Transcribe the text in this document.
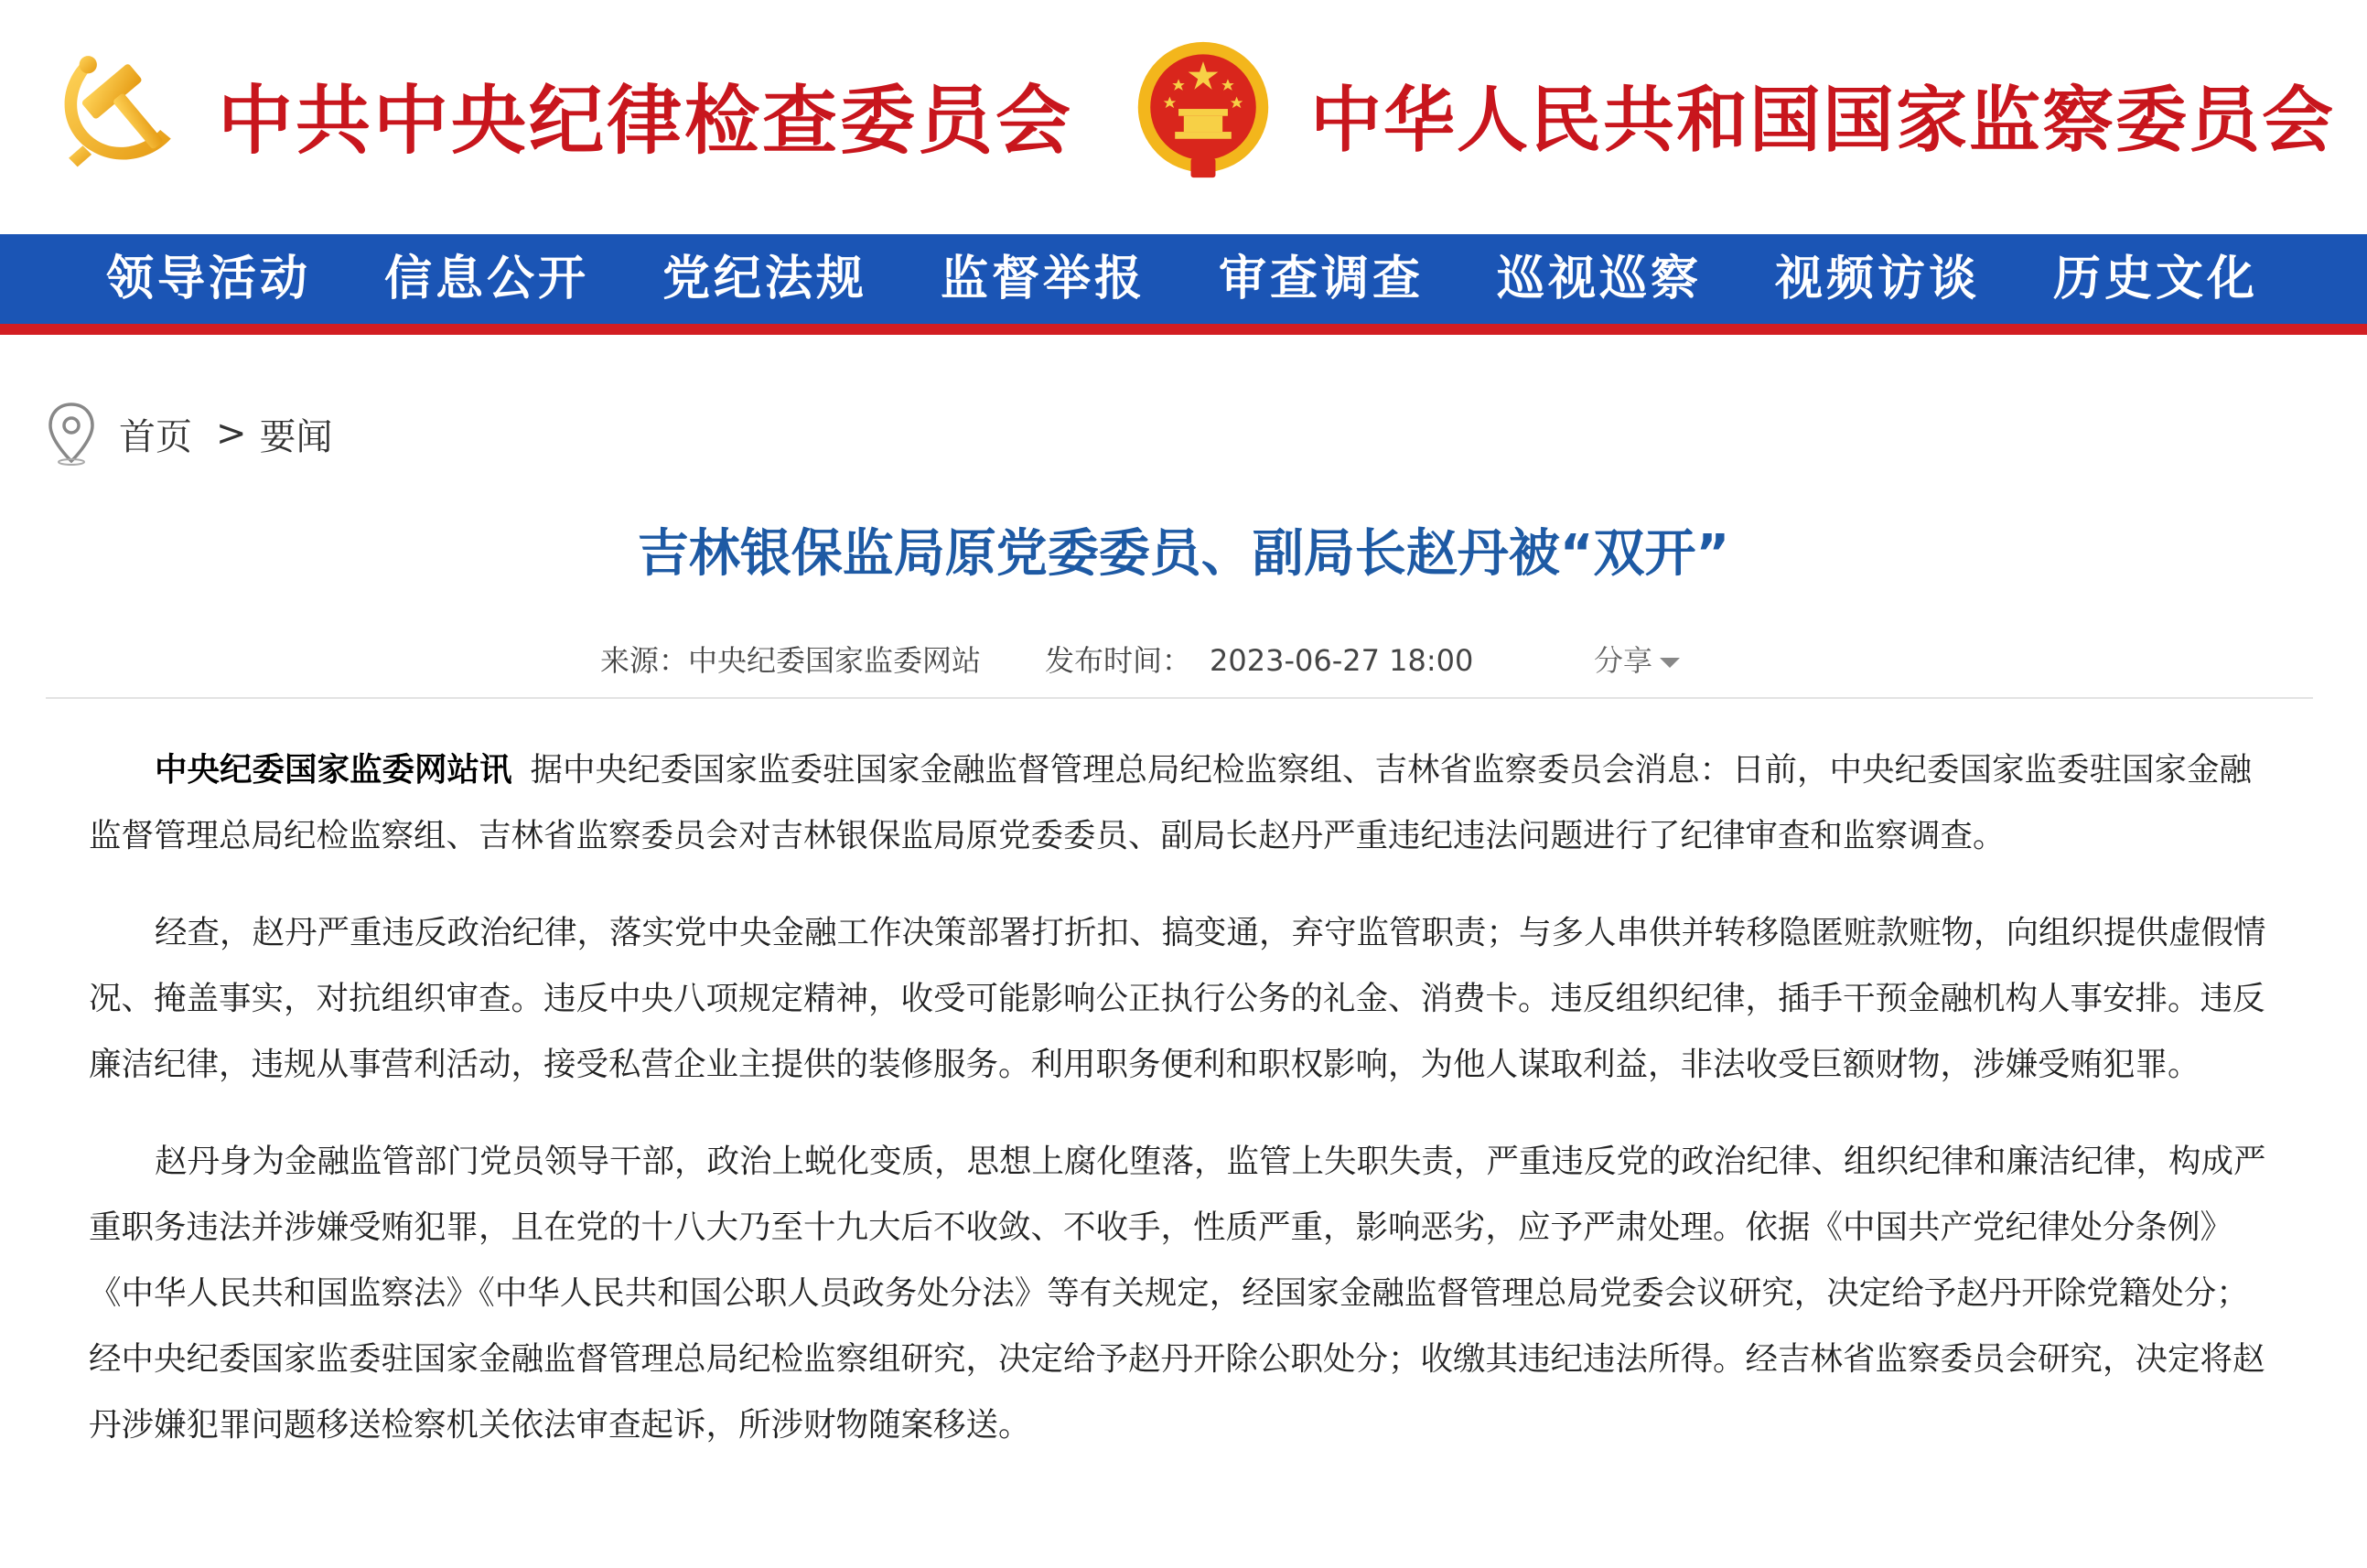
中共中央纪律检查委员会	中华人民共和国国家监察委员会
领导活动 信息公开 党纪法规 监督举报 审查调查 巡视巡察 视频访谈 历史文化
首页 > 要闻
吉林银保监局原党委委员、副局长赵丹被“双开”
来源：中央纪委国家监委网站 发布时间： 2023-06-27 18:00	分享

中央纪委国家监委网站讯 据中央纪委国家监委驻国家金融监督管理总局纪检监察组、吉林省监察委员会消息：日前，中央纪委国家监委驻国家金融监督管理总局纪检监察组、吉林省监察委员会对吉林银保监局原党委委员、副局长赵丹严重违纪违法问题进行了纪律审查和监察调查。

经查，赵丹严重违反政治纪律，落实党中央金融工作决策部署打折扣、搞变通，弃守监管职责；与多人串供并转移隐匿赃款赃物，向组织提供虚假情况、掩盖事实，对抗组织审查。违反中央八项规定精神，收受可能影响公正执行公务的礼金、消费卡。违反组织纪律，插手干预金融机构人事安排。违反廉洁纪律，违规从事营利活动，接受私营企业主提供的装修服务。利用职务便利和职权影响，为他人谋取利益，非法收受巨额财物，涉嫌受贿犯罪。

赵丹身为金融监管部门党员领导干部，政治上蜕化变质，思想上腐化堕落，监管上失职失责，严重违反党的政治纪律、组织纪律和廉洁纪律，构成严重职务违法并涉嫌受贿犯罪，且在党的十八大乃至十九大后不收敛、不收手，性质严重，影响恶劣，应予严肃处理。依据《中国共产党纪律处分条例》《中华人民共和国监察法》《中华人民共和国公职人员政务处分法》等有关规定，经国家金融监督管理总局党委会议研究，决定给予赵丹开除党籍处分；经中央纪委国家监委驻国家金融监督管理总局纪检监察组研究，决定给予赵丹开除公职处分；收缴其违纪违法所得。经吉林省监察委员会研究，决定将赵丹涉嫌犯罪问题移送检察机关依法审查起诉，所涉财物随案移送。
